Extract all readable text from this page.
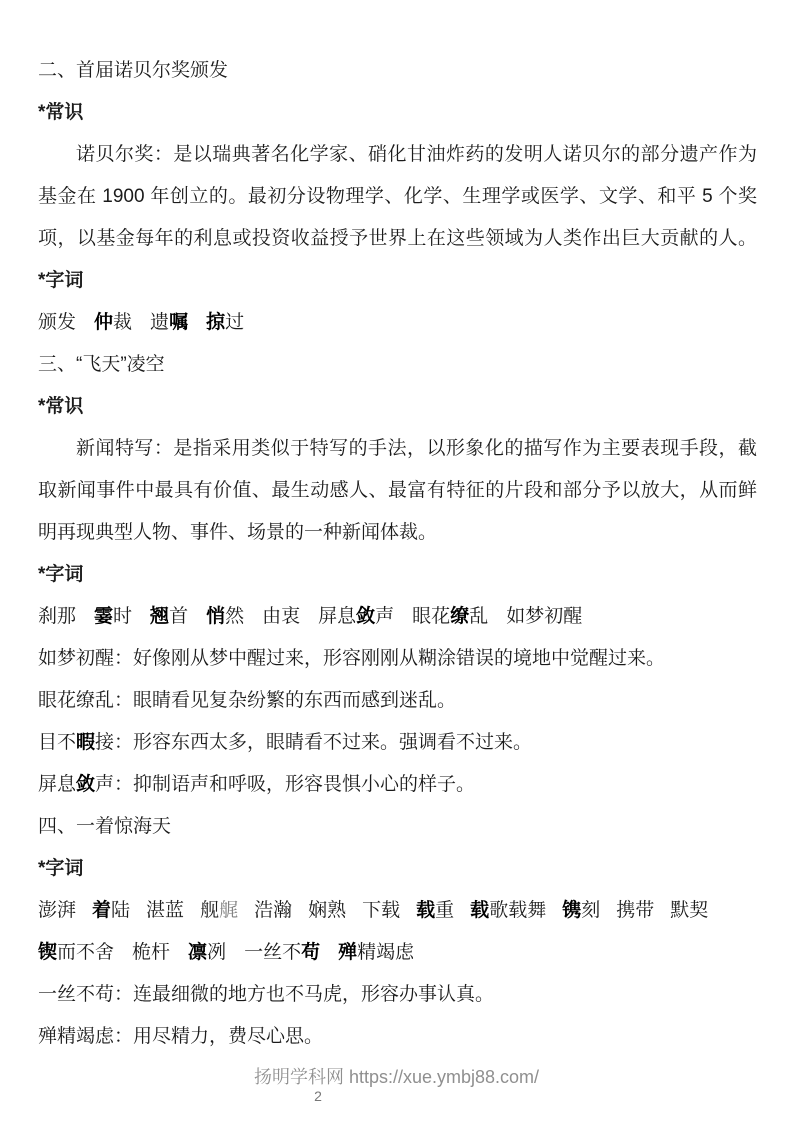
二、首届诺贝尔奖颁发
*常识
诺贝尔奖：是以瑞典著名化学家、硝化甘油炸药的发明人诺贝尔的部分遗产作为
基金在 1900 年创立的。最初分设物理学、化学、生理学或医学、文学、和平 5 个奖
项，以基金每年的利息或投资收益授予世界上在这些领域为人类作出巨大贡献的人。
*字词
颁发 仲裁 遗嘱 掠过
三、“飞天”凌空
*常识
新闻特写：是指采用类似于特写的手法，以形象化的描写作为主要表现手段，截
取新闻事件中最具有价值、最生动感人、最富有特征的片段和部分予以放大，从而鲜
明再现典型人物、事件、场景的一种新闻体裁。
*字词
刹那 霎时 翘首 悄然 由衷 屏息敛声 眼花缭乱 如梦初醒
如梦初醒：好像刚从梦中醒过来，形容刚刚从糊涂错误的境地中觉醒过来。
眼花缭乱：眼睛看见复杂纷繁的东西而感到迷乱。
目不暇接：形容东西太多，眼睛看不过来。强调看不过来。
屏息敛声：抑制语声和呼吸，形容畏惧小心的样子。
四、一着惊海天
*字词
澎湃 着陆 湛蓝 舰艉 浩瀚 娴熟 下载 载重 载歌载舞 镌刻 携带 默契
锲而不舍 桅杆 凛冽 一丝不苟 殚精竭虑
一丝不苟：连最细微的地方也不马虎，形容办事认真。
殚精竭虑：用尽精力，费尽心思。
扬明学科网 https://xue.ymbj88.com/
2
